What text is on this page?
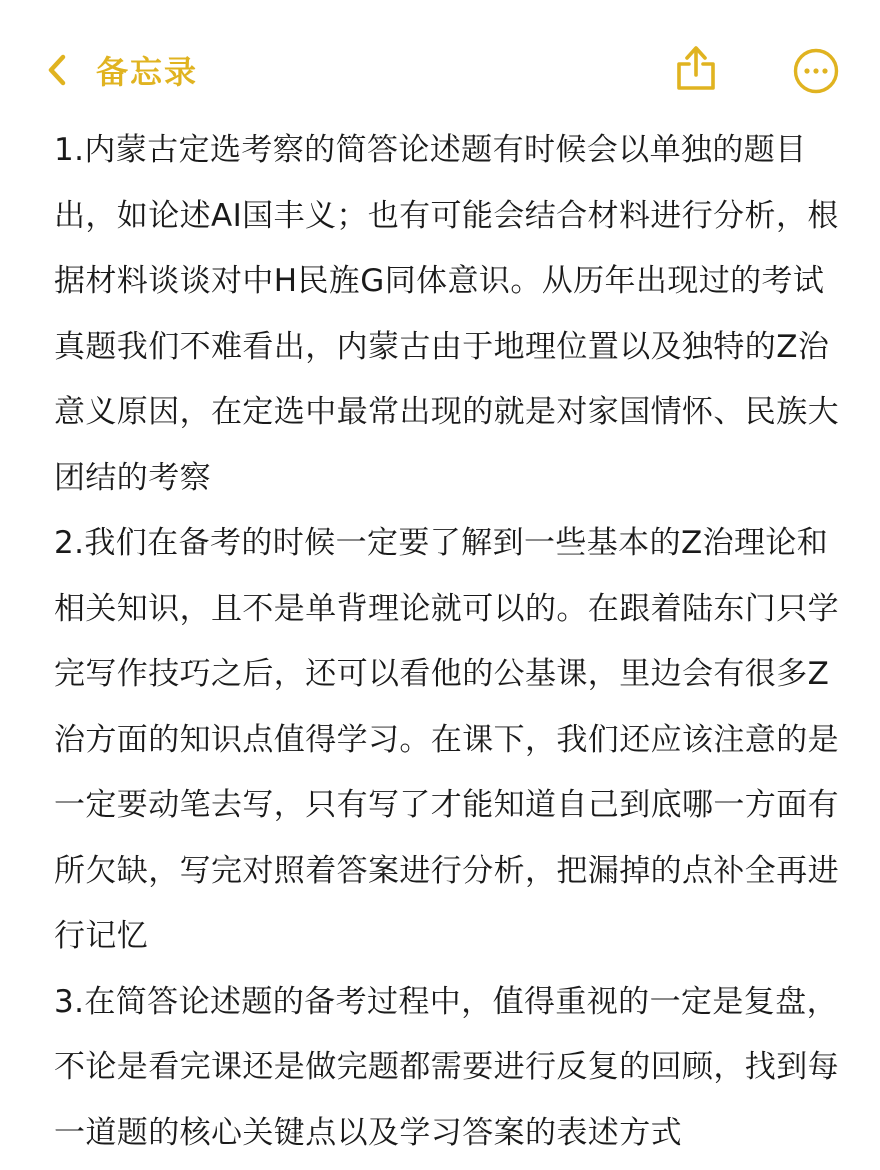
备忘录

1.内蒙古定选考察的简答论述题有时候会以单独的题目出，如论述AI国丰义；也有可能会结合材料进行分析，根据材料谈谈对中H民旌G同体意识。从历年出现过的考试真题我们不难看出，内蒙古由于地理位置以及独特的Z治意义原因，在定选中最常出现的就是对家国情怀、民族大团结的考察

2.我们在备考的时候一定要了解到一些基本的Z治理论和相关知识，且不是单背理论就可以的。在跟着陆东门只学完写作技巧之后，还可以看他的公基课，里边会有很多Z治方面的知识点值得学习。在课下，我们还应该注意的是一定要动笔去写，只有写了才能知道自己到底哪一方面有所欠缺，写完对照着答案进行分析，把漏掉的点补全再进行记忆

3.在简答论述题的备考过程中，值得重视的一定是复盘，不论是看完课还是做完题都需要进行反复的回顾，找到每一道题的核心关键点以及学习答案的表述方式
